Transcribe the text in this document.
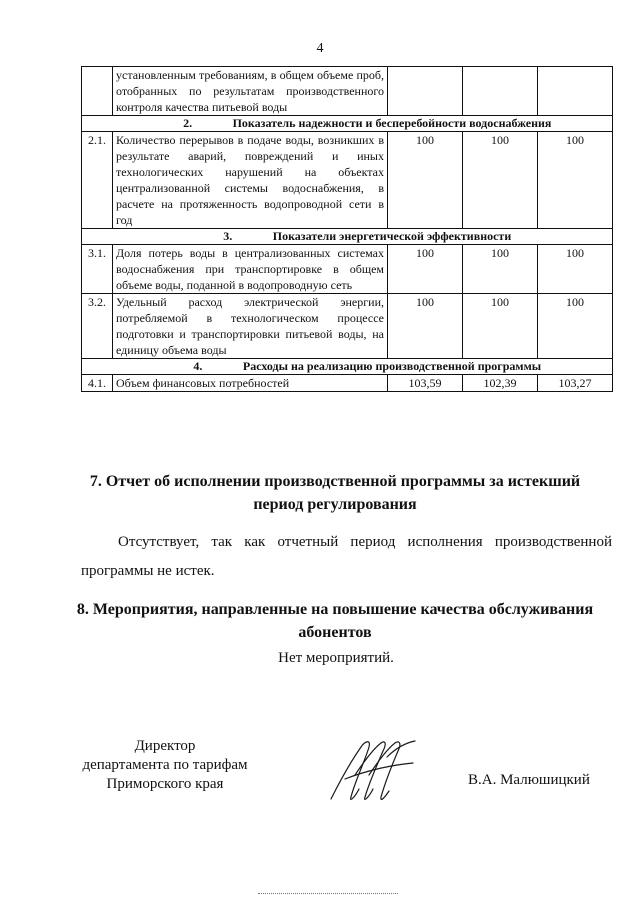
4
	установленным требованиям, в общем объеме проб, отобранных по результатам производственного контроля качества питьевой воды			
2. Показатель надежности и бесперебойности водоснабжения				
2.1.	Количество перерывов в подаче воды, возникших в результате аварий, повреждений и иных технологических нарушений на объектах централизованной системы водоснабжения, в расчете на протяженность водопроводной сети в год	100	100	100
3. Показатели энергетической эффективности				
3.1.	Доля потерь воды в централизованных системах водоснабжения при транспортировке в общем объеме воды, поданной в водопроводную сеть	100	100	100
3.2.	Удельный расход электрической энергии, потребляемой в технологическом процессе подготовки и транспортировки питьевой воды, на единицу объема воды	100	100	100
4. Расходы на реализацию производственной программы				
4.1.	Объем финансовых потребностей	103,59	102,39	103,27
7. Отчет об исполнении производственной программы за истекший период регулирования
Отсутствует, так как отчетный период исполнения производственной программы не истек.
8. Мероприятия, направленные на повышение качества обслуживания абонентов
Нет мероприятий.
Директор
департамента по тарифам
Приморского края	В.А. Малюшицкий
